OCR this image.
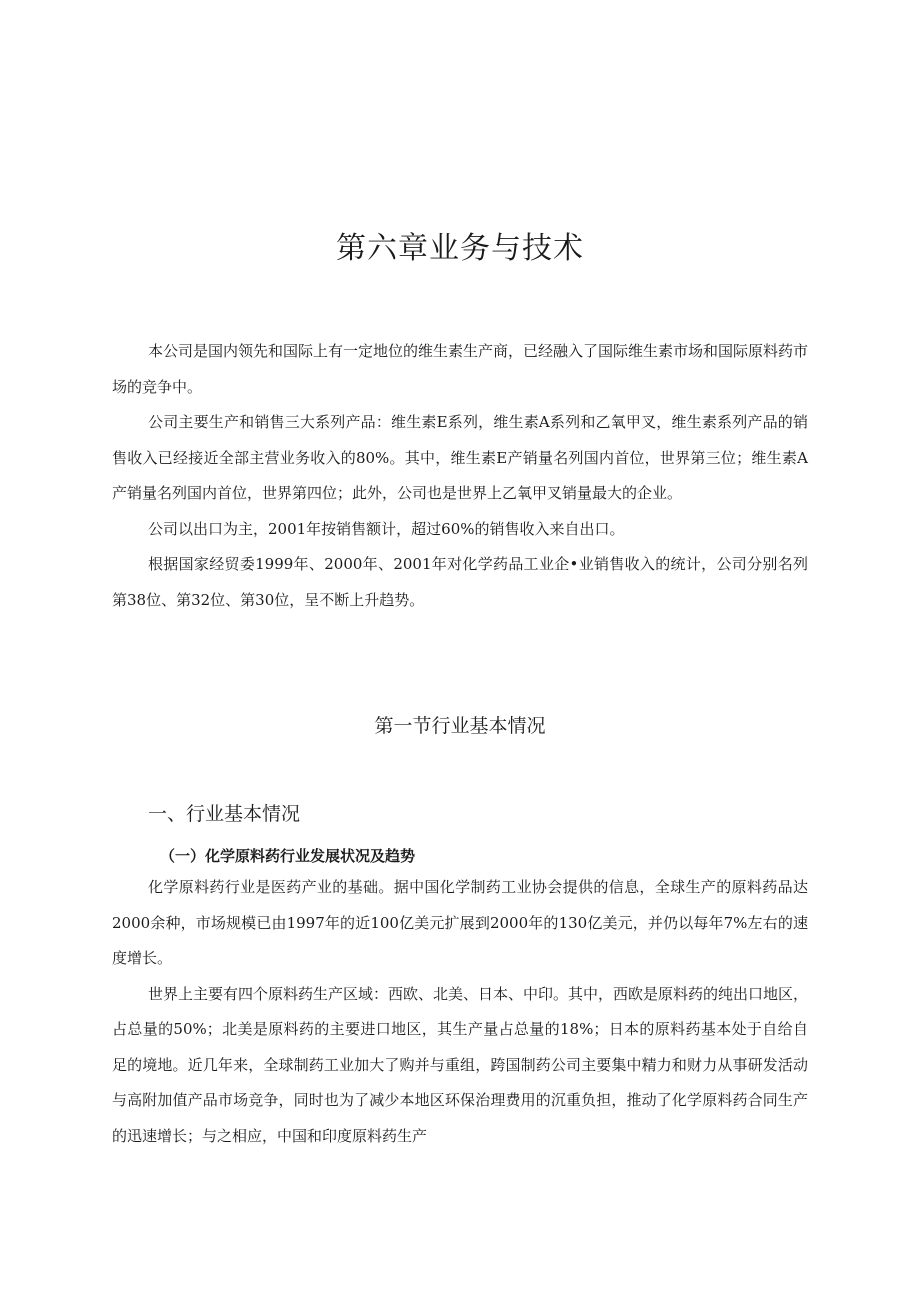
第六章业务与技术

本公司是国内领先和国际上有一定地位的维生素生产商，已经融入了国际维生素市场和国际原料药市场的竞争中。

公司主要生产和销售三大系列产品：维生素E系列，维生素A系列和乙氧甲叉，维生素系列产品的销售收入已经接近全部主营业务收入的80%。其中，维生素E产销量名列国内首位，世界第三位；维生素A产销量名列国内首位，世界第四位；此外，公司也是世界上乙氧甲叉销量最大的企业。

公司以出口为主，2001年按销售额计，超过60%的销售收入来自出口。

根据国家经贸委1999年、2000年、2001年对化学药品工业企•业销售收入的统计，公司分别名列第38位、第32位、第30位，呈不断上升趋势。

第一节行业基本情况
一、行业基本情况
（一）化学原料药行业发展状况及趋势

化学原料药行业是医药产业的基础。据中国化学制药工业协会提供的信息，全球生产的原料药品达2000余种，市场规模已由1997年的近100亿美元扩展到2000年的130亿美元，并仍以每年7%左右的速度增长。

世界上主要有四个原料药生产区域：西欧、北美、日本、中印。其中，西欧是原料药的纯出口地区，占总量的50%；北美是原料药的主要进口地区，其生产量占总量的18%；日本的原料药基本处于自给自足的境地。近几年来，全球制药工业加大了购并与重组，跨国制药公司主要集中精力和财力从事研发活动与高附加值产品市场竞争，同时也为了减少本地区环保治理费用的沉重负担，推动了化学原料药合同生产的迅速增长；与之相应，中国和印度原料药生产
